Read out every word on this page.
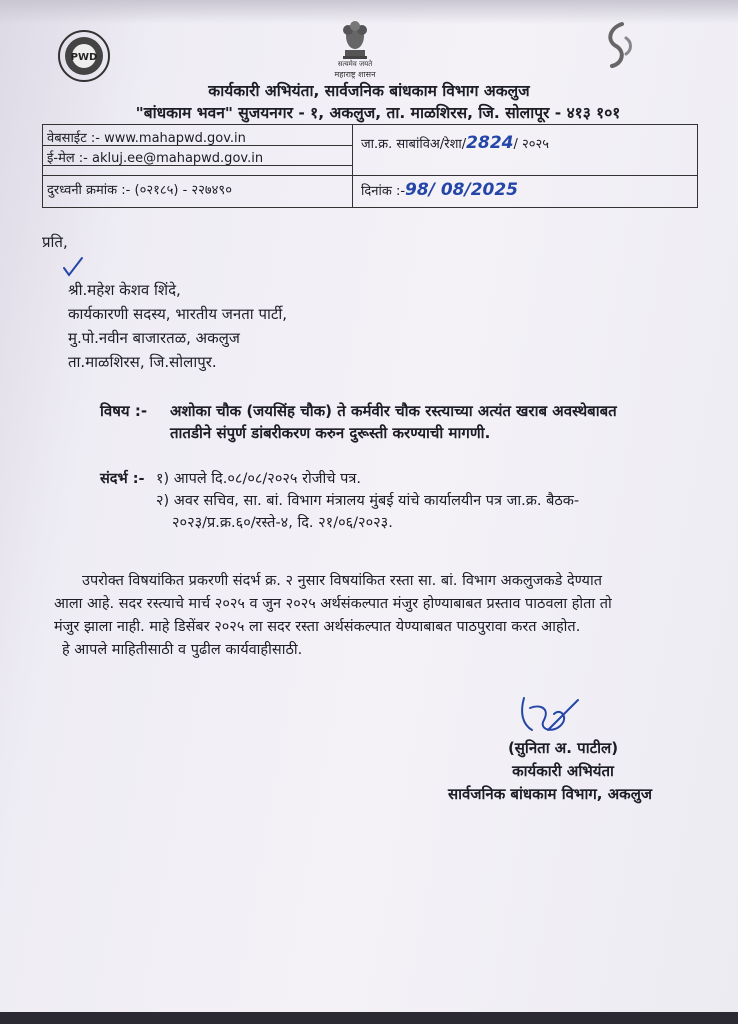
PWD
सत्यमेव जयते
महाराष्ट्र शासन
कार्यकारी अभियंता, सार्वजनिक बांधकाम विभाग अकलुज
"बांधकाम भवन" सुजयनगर - १, अकलुज, ता. माळशिरस, जि. सोलापूर - ४१३ १०१
वेबसाईट :- www.mahapwd.gov.in
ई-मेल :- akluj.ee@mahapwd.gov.in
दुरध्वनी क्रमांक :- (०२१८५) - २२७४९०
जा.क्र. साबांविअ/रेशा/2824/ २०२५
दिनांक :-98/ 08/2025
प्रति,
श्री.महेश केशव शिंदे,
कार्यकारणी सदस्य, भारतीय जनता पार्टी,
मु.पो.नवीन बाजारतळ, अकलुज
ता.माळशिरस, जि.सोलापुर.
विषय :- अशोका चौक (जयसिंह चौक) ते कर्मवीर चौक रस्त्याच्या अत्यंत खराब अवस्थेबाबत
तातडीने संपुर्ण डांबरीकरण करुन दुरूस्ती करण्याची मागणी.
संदर्भ :- १) आपले दि.०८/०८/२०२५ रोजीचे पत्र.
२) अवर सचिव, सा. बां. विभाग मंत्रालय मुंबई यांचे कार्यालयीन पत्र जा.क्र. बैठक-
२०२३/प्र.क्र.६०/रस्ते-४, दि. २१/०६/२०२३.
उपरोक्त विषयांकित प्रकरणी संदर्भ क्र. २ नुसार विषयांकित रस्ता सा. बां. विभाग अकलुजकडे देण्यात
आला आहे. सदर रस्त्याचे मार्च २०२५ व जुन २०२५ अर्थसंकल्पात मंजुर होण्याबाबत प्रस्ताव पाठवला होता तो
मंजुर झाला नाही. माहे डिसेंबर २०२५ ला सदर रस्ता अर्थसंकल्पात येण्याबाबत पाठपुरावा करत आहोत.
हे आपले माहितीसाठी व पुढील कार्यवाहीसाठी.
(सुनिता अ. पाटील)
कार्यकारी अभियंता
सार्वजनिक बांधकाम विभाग, अकलुज
